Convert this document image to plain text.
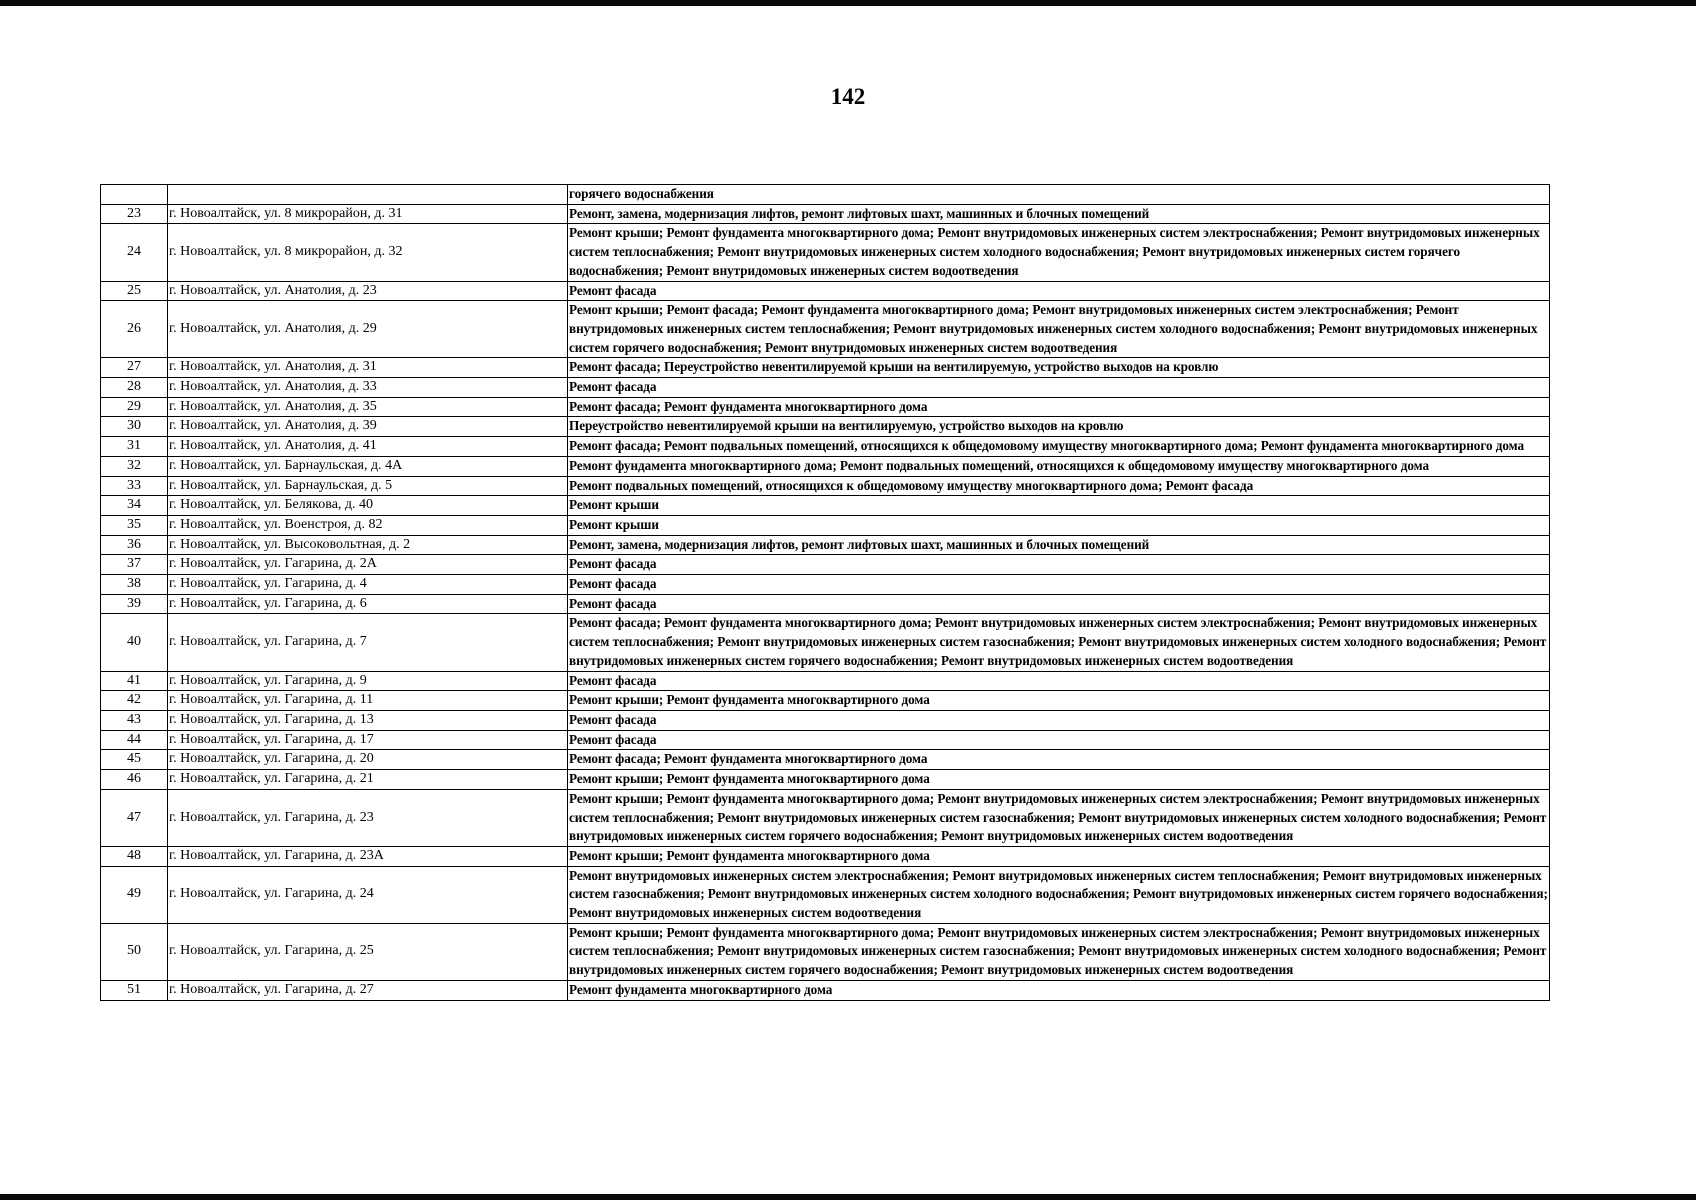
142
		горячего водоснабжения
23	г. Новоалтайск, ул. 8 микрорайон, д. 31	Ремонт, замена, модернизация лифтов, ремонт лифтовых шахт, машинных и блочных помещений
24	г. Новоалтайск, ул. 8 микрорайон, д. 32	Ремонт крыши; Ремонт фундамента многоквартирного дома; Ремонт внутридомовых инженерных систем электроснабжения; Ремонт внутридомовых инженерных систем теплоснабжения; Ремонт внутридомовых инженерных систем холодного водоснабжения; Ремонт внутридомовых инженерных систем горячего водоснабжения; Ремонт внутридомовых инженерных систем водоотведения
25	г. Новоалтайск, ул. Анатолия, д. 23	Ремонт фасада
26	г. Новоалтайск, ул. Анатолия, д. 29	Ремонт крыши; Ремонт фасада; Ремонт фундамента многоквартирного дома; Ремонт внутридомовых инженерных систем электроснабжения; Ремонт внутридомовых инженерных систем теплоснабжения; Ремонт внутридомовых инженерных систем холодного водоснабжения; Ремонт внутридомовых инженерных систем горячего водоснабжения; Ремонт внутридомовых инженерных систем водоотведения
27	г. Новоалтайск, ул. Анатолия, д. 31	Ремонт фасада; Переустройство невентилируемой крыши на вентилируемую, устройство выходов на кровлю
28	г. Новоалтайск, ул. Анатолия, д. 33	Ремонт фасада
29	г. Новоалтайск, ул. Анатолия, д. 35	Ремонт фасада; Ремонт фундамента многоквартирного дома
30	г. Новоалтайск, ул. Анатолия, д. 39	Переустройство невентилируемой крыши на вентилируемую, устройство выходов на кровлю
31	г. Новоалтайск, ул. Анатолия, д. 41	Ремонт фасада; Ремонт подвальных помещений, относящихся к общедомовому имуществу многоквартирного дома; Ремонт фундамента многоквартирного дома
32	г. Новоалтайск, ул. Барнаульская, д. 4А	Ремонт фундамента многоквартирного дома; Ремонт подвальных помещений, относящихся к общедомовому имуществу многоквартирного дома
33	г. Новоалтайск, ул. Барнаульская, д. 5	Ремонт подвальных помещений, относящихся к общедомовому имуществу многоквартирного дома; Ремонт фасада
34	г. Новоалтайск, ул. Белякова, д. 40	Ремонт крыши
35	г. Новоалтайск, ул. Военстроя, д. 82	Ремонт крыши
36	г. Новоалтайск, ул. Высоковольтная, д. 2	Ремонт, замена, модернизация лифтов, ремонт лифтовых шахт, машинных и блочных помещений
37	г. Новоалтайск, ул. Гагарина, д. 2А	Ремонт фасада
38	г. Новоалтайск, ул. Гагарина, д. 4	Ремонт фасада
39	г. Новоалтайск, ул. Гагарина, д. 6	Ремонт фасада
40	г. Новоалтайск, ул. Гагарина, д. 7	Ремонт фасада; Ремонт фундамента многоквартирного дома; Ремонт внутридомовых инженерных систем электроснабжения; Ремонт внутридомовых инженерных систем теплоснабжения; Ремонт внутридомовых инженерных систем газоснабжения; Ремонт внутридомовых инженерных систем холодного водоснабжения; Ремонт внутридомовых инженерных систем горячего водоснабжения; Ремонт внутридомовых инженерных систем водоотведения
41	г. Новоалтайск, ул. Гагарина, д. 9	Ремонт фасада
42	г. Новоалтайск, ул. Гагарина, д. 11	Ремонт крыши; Ремонт фундамента многоквартирного дома
43	г. Новоалтайск, ул. Гагарина, д. 13	Ремонт фасада
44	г. Новоалтайск, ул. Гагарина, д. 17	Ремонт фасада
45	г. Новоалтайск, ул. Гагарина, д. 20	Ремонт фасада; Ремонт фундамента многоквартирного дома
46	г. Новоалтайск, ул. Гагарина, д. 21	Ремонт крыши; Ремонт фундамента многоквартирного дома
47	г. Новоалтайск, ул. Гагарина, д. 23	Ремонт крыши; Ремонт фундамента многоквартирного дома; Ремонт внутридомовых инженерных систем электроснабжения; Ремонт внутридомовых инженерных систем теплоснабжения; Ремонт внутридомовых инженерных систем газоснабжения; Ремонт внутридомовых инженерных систем холодного водоснабжения; Ремонт внутридомовых инженерных систем горячего водоснабжения; Ремонт внутридомовых инженерных систем водоотведения
48	г. Новоалтайск, ул. Гагарина, д. 23А	Ремонт крыши; Ремонт фундамента многоквартирного дома
49	г. Новоалтайск, ул. Гагарина, д. 24	Ремонт внутридомовых инженерных систем электроснабжения; Ремонт внутридомовых инженерных систем теплоснабжения; Ремонт внутридомовых инженерных систем газоснабжения; Ремонт внутридомовых инженерных систем холодного водоснабжения; Ремонт внутридомовых инженерных систем горячего водоснабжения; Ремонт внутридомовых инженерных систем водоотведения
50	г. Новоалтайск, ул. Гагарина, д. 25	Ремонт крыши; Ремонт фундамента многоквартирного дома; Ремонт внутридомовых инженерных систем электроснабжения; Ремонт внутридомовых инженерных систем теплоснабжения; Ремонт внутридомовых инженерных систем газоснабжения; Ремонт внутридомовых инженерных систем холодного водоснабжения; Ремонт внутридомовых инженерных систем горячего водоснабжения; Ремонт внутридомовых инженерных систем водоотведения
51	г. Новоалтайск, ул. Гагарина, д. 27	Ремонт фундамента многоквартирного дома
